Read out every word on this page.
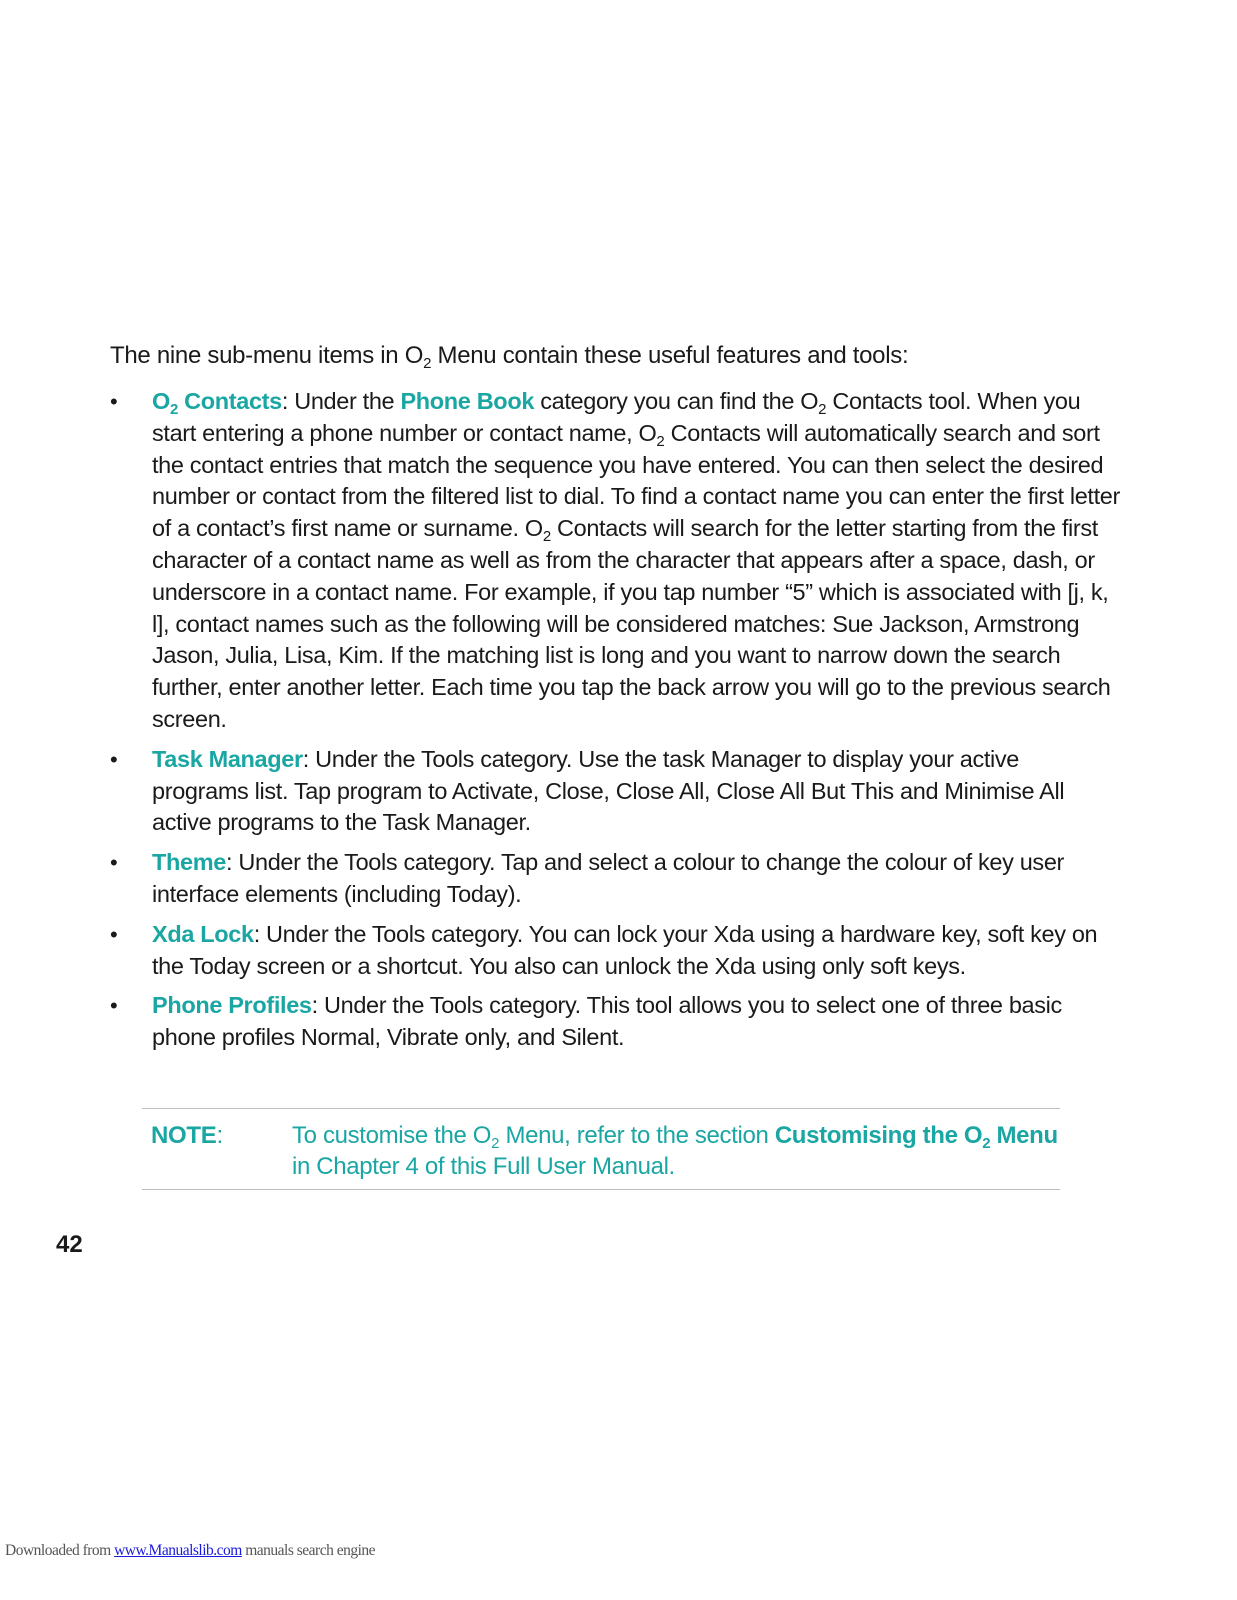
The nine sub-menu items in $O_2$ Menu contain these useful features and tools:
•	$O_2$ Contacts: Under the Phone Book category you can find the $O_2$ Contacts tool. When you start entering a phone number or contact name, $O_2$ Contacts will automatically search and sort the contact entries that match the sequence you have entered. You can then select the desired number or contact from the filtered list to dial. To find a contact name you can enter the first letter of a contact’s first name or surname. $O_2$ Contacts will search for the letter starting from the first character of a contact name as well as from the character that appears after a space, dash, or underscore in a contact name. For example, if you tap number “5” which is associated with [j, k, l], contact names such as the following will be considered matches: Sue Jackson, Armstrong Jason, Julia, Lisa, Kim. If the matching list is long and you want to narrow down the search further, enter another letter. Each time you tap the back arrow you will go to the previous search screen.
•	Task Manager: Under the Tools category. Use the task Manager to display your active programs list. Tap program to Activate, Close, Close All, Close All But This and Minimise All active programs to the Task Manager.
•	Theme: Under the Tools category. Tap and select a colour to change the colour of key user interface elements (including Today).
•	Xda Lock: Under the Tools category. You can lock your Xda using a hardware key, soft key on the Today screen or a shortcut. You also can unlock the Xda using only soft keys.
•	Phone Profiles: Under the Tools category. This tool allows you to select one of three basic phone profiles Normal, Vibrate only, and Silent.
NOTE:	To customise the $O_2$ Menu, refer to the section Customising the $O_2$ Menu in Chapter 4 of this Full User Manual.
42
Downloaded from www.Manualslib.com manuals search engine
